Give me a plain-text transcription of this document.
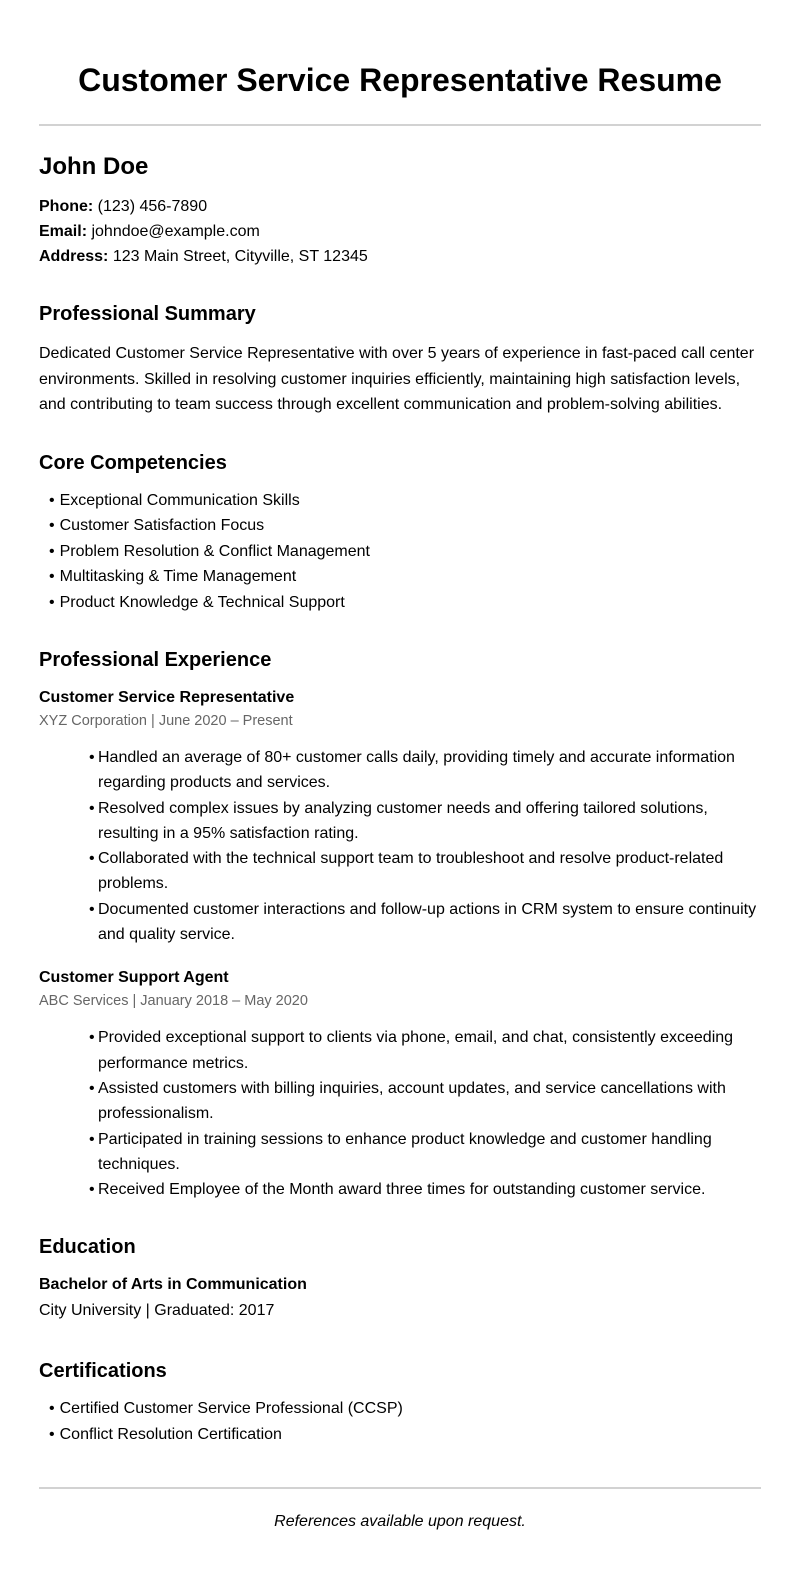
Customer Service Representative Resume
John Doe
Phone: (123) 456-7890
Email: johndoe@example.com
Address: 123 Main Street, Cityville, ST 12345
Professional Summary
Dedicated Customer Service Representative with over 5 years of experience in fast-paced call center environments. Skilled in resolving customer inquiries efficiently, maintaining high satisfaction levels, and contributing to team success through excellent communication and problem-solving abilities.
Core Competencies
• Exceptional Communication Skills
• Customer Satisfaction Focus
• Problem Resolution & Conflict Management
• Multitasking & Time Management
• Product Knowledge & Technical Support
Professional Experience
Customer Service Representative
XYZ Corporation | June 2020 – Present
• Handled an average of 80+ customer calls daily, providing timely and accurate information regarding products and services.
• Resolved complex issues by analyzing customer needs and offering tailored solutions, resulting in a 95% satisfaction rating.
• Collaborated with the technical support team to troubleshoot and resolve product-related problems.
• Documented customer interactions and follow-up actions in CRM system to ensure continuity and quality service.
Customer Support Agent
ABC Services | January 2018 – May 2020
• Provided exceptional support to clients via phone, email, and chat, consistently exceeding performance metrics.
• Assisted customers with billing inquiries, account updates, and service cancellations with professionalism.
• Participated in training sessions to enhance product knowledge and customer handling techniques.
• Received Employee of the Month award three times for outstanding customer service.
Education
Bachelor of Arts in Communication
City University | Graduated: 2017
Certifications
• Certified Customer Service Professional (CCSP)
• Conflict Resolution Certification
References available upon request.
